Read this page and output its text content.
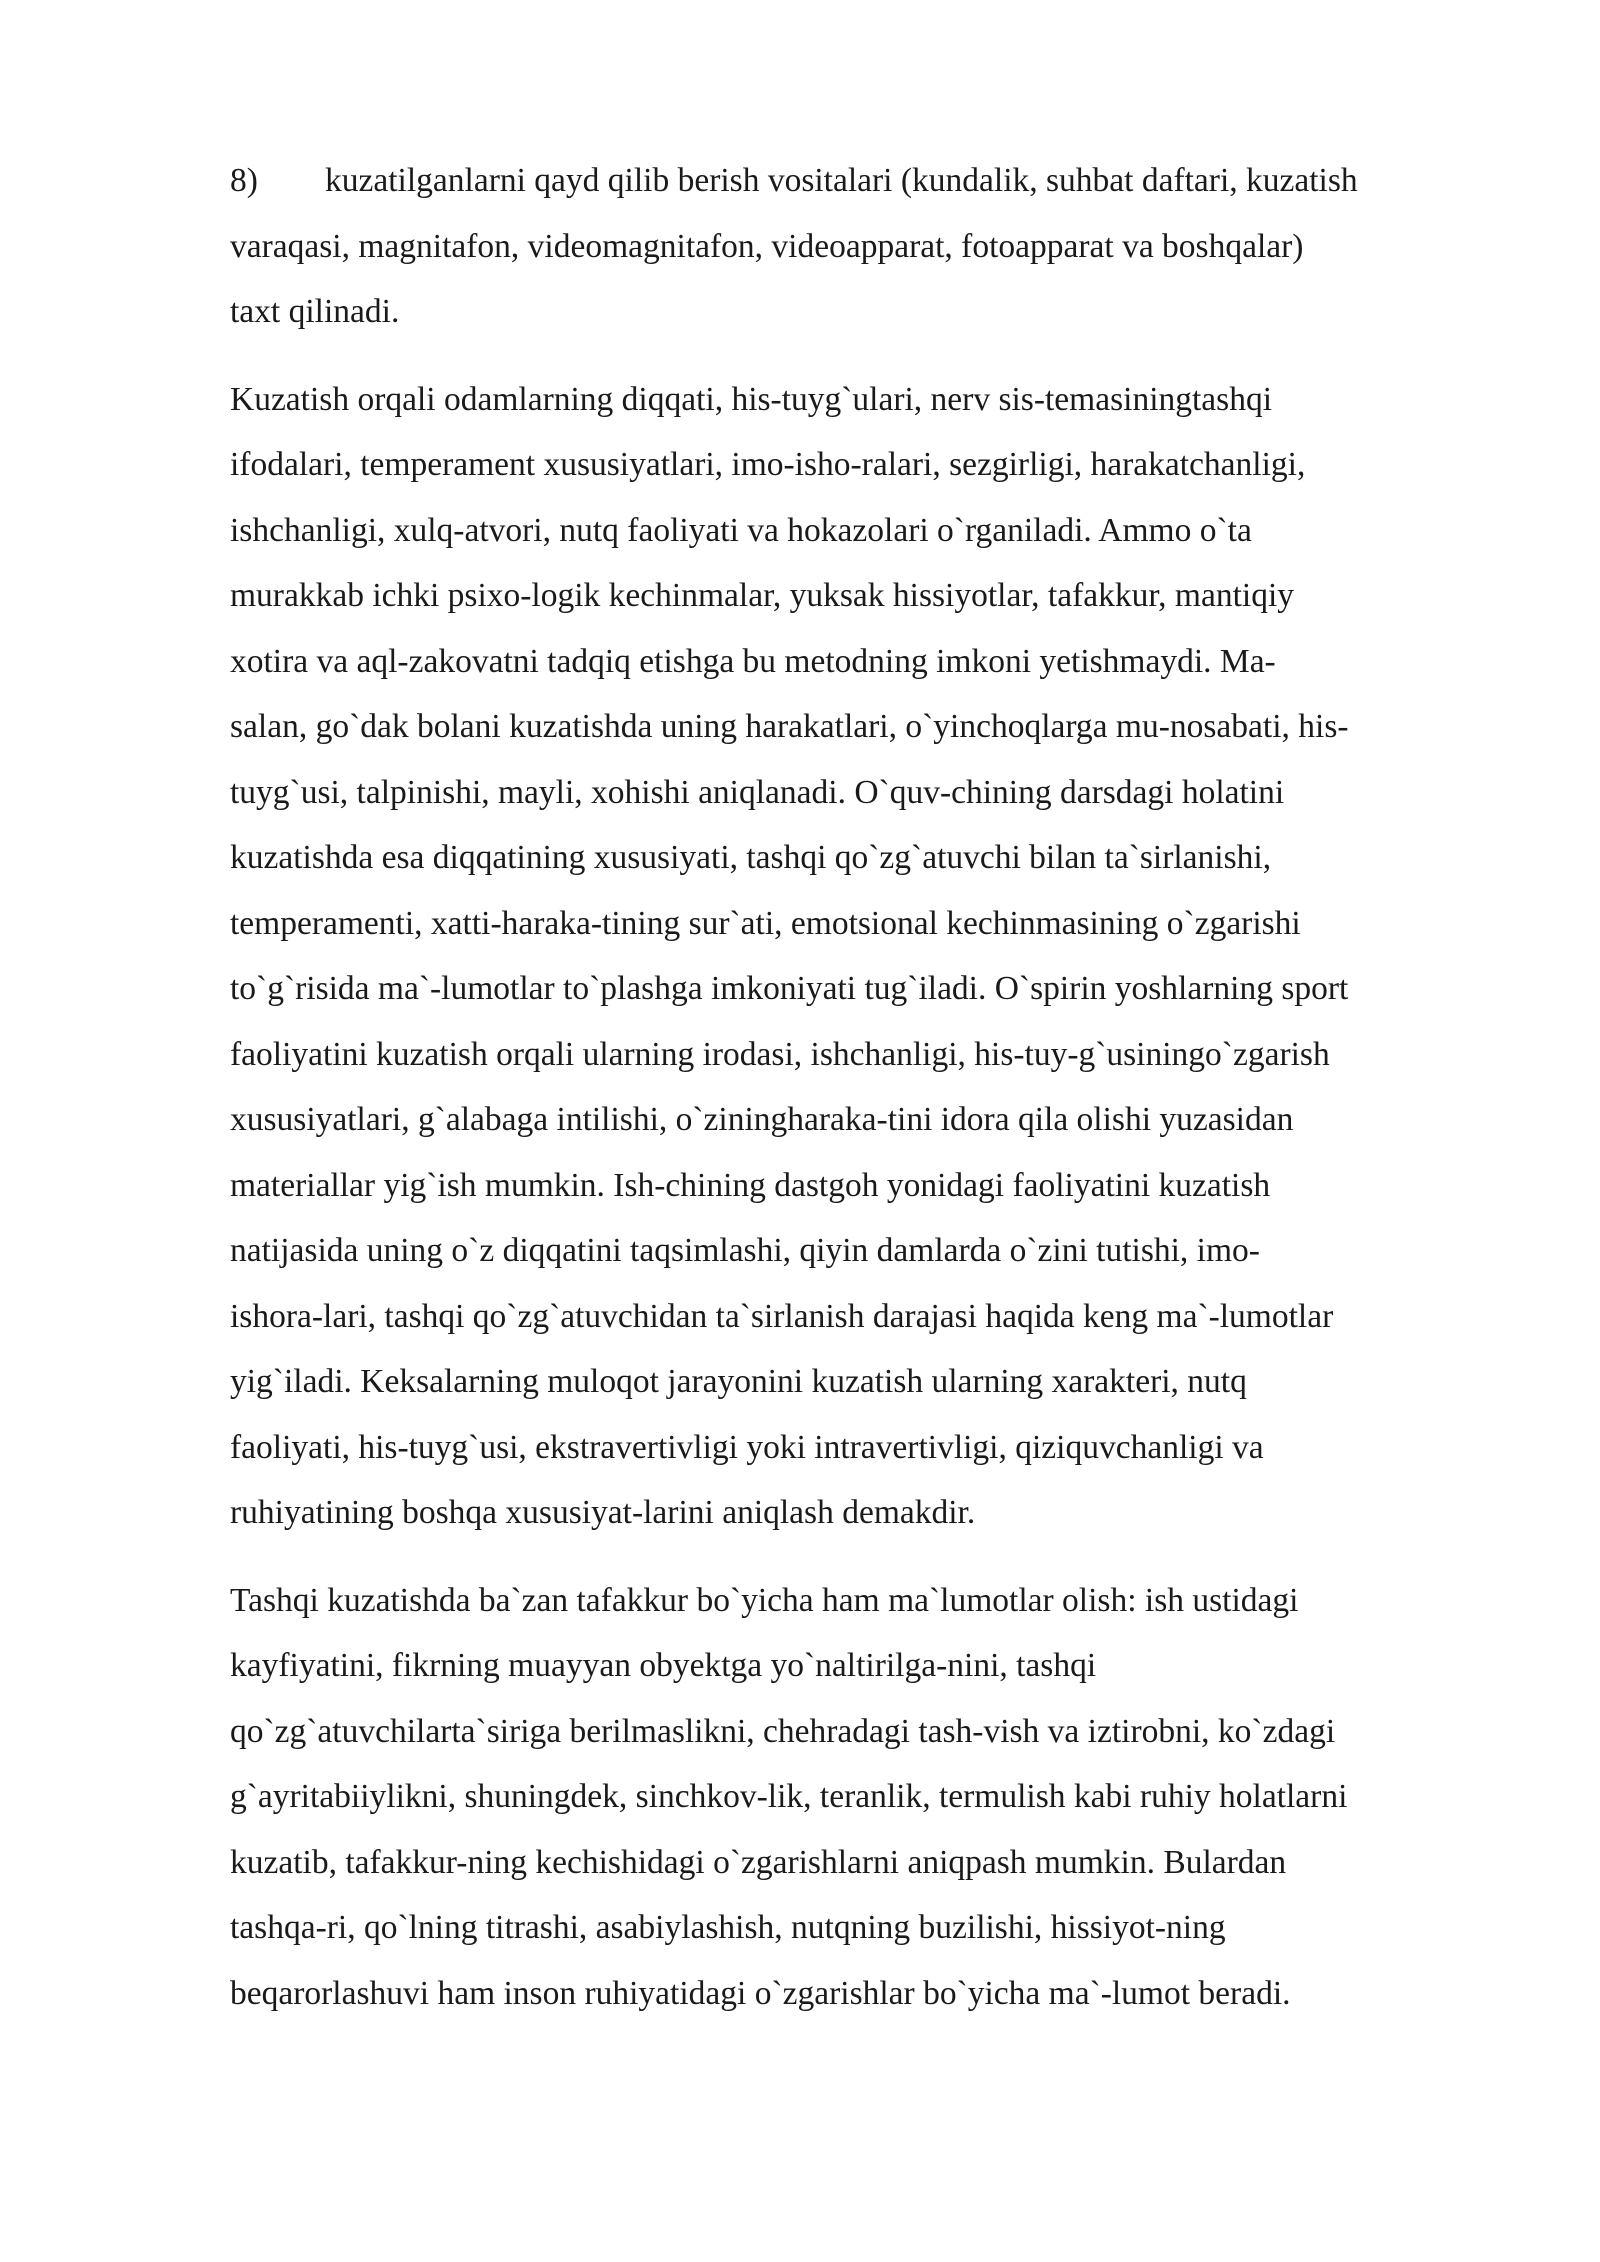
8) kuzatilganlarni qayd qilib berish vositalari (kundalik, suhbat daftari, kuzatish
varaqasi, magnitafon, videomagnitafon, videoapparat, fotoapparat va boshqalar)
taxt qilinadi.
Kuzatish orqali odamlarning diqqati, his-tuyg`ulari, nerv sis-temasiningtashqi
ifodalari, temperament xususiyatlari, imo-isho-ralari, sezgirligi, harakatchanligi,
ishchanligi, xulq-atvori, nutq faoliyati va hokazolari o`rganiladi. Ammo o`ta
murakkab ichki psixo-logik kechinmalar, yuksak hissiyotlar, tafakkur, mantiqiy
xotira va aql-zakovatni tadqiq etishga bu metodning imkoni yetishmaydi. Ma-
salan, go`dak bolani kuzatishda uning harakatlari, o`yinchoqlarga mu-nosabati, his-
tuyg`usi, talpinishi, mayli, xohishi aniqlanadi. O`quv-chining darsdagi holatini
kuzatishda esa diqqatining xususiyati, tashqi qo`zg`atuvchi bilan ta`sirlanishi,
temperamenti, xatti-haraka-tining sur`ati, emotsional kechinmasining o`zgarishi
to`g`risida ma`-lumotlar to`plashga imkoniyati tug`iladi. O`spirin yoshlarning sport
faoliyatini kuzatish orqali ularning irodasi, ishchanligi, his-tuy-g`usiningo`zgarish
xususiyatlari, g`alabaga intilishi, o`ziningharaka-tini idora qila olishi yuzasidan
materiallar yig`ish mumkin. Ish-chining dastgoh yonidagi faoliyatini kuzatish
natijasida uning o`z diqqatini taqsimlashi, qiyin damlarda o`zini tutishi, imo-
ishora-lari, tashqi qo`zg`atuvchidan ta`sirlanish darajasi haqida keng ma`-lumotlar
yig`iladi. Keksalarning muloqot jarayonini kuzatish ularning xarakteri, nutq
faoliyati, his-tuyg`usi, ekstravertivligi yoki intravertivligi, qiziquvchanligi va
ruhiyatining boshqa xususiyat-larini aniqlash demakdir.
Tashqi kuzatishda ba`zan tafakkur bo`yicha ham ma`lumotlar olish: ish ustidagi
kayfiyatini, fikrning muayyan obyektga yo`naltirilga-nini, tashqi
qo`zg`atuvchilarta`siriga berilmaslikni, chehradagi tash-vish va iztirobni, ko`zdagi
g`ayritabiiylikni, shuningdek, sinchkov-lik, teranlik, termulish kabi ruhiy holatlarni
kuzatib, tafakkur-ning kechishidagi o`zgarishlarni aniqpash mumkin. Bulardan
tashqa-ri, qo`lning titrashi, asabiylashish, nutqning buzilishi, hissiyot-ning
beqarorlashuvi ham inson ruhiyatidagi o`zgarishlar bo`yicha ma`-lumot beradi.
